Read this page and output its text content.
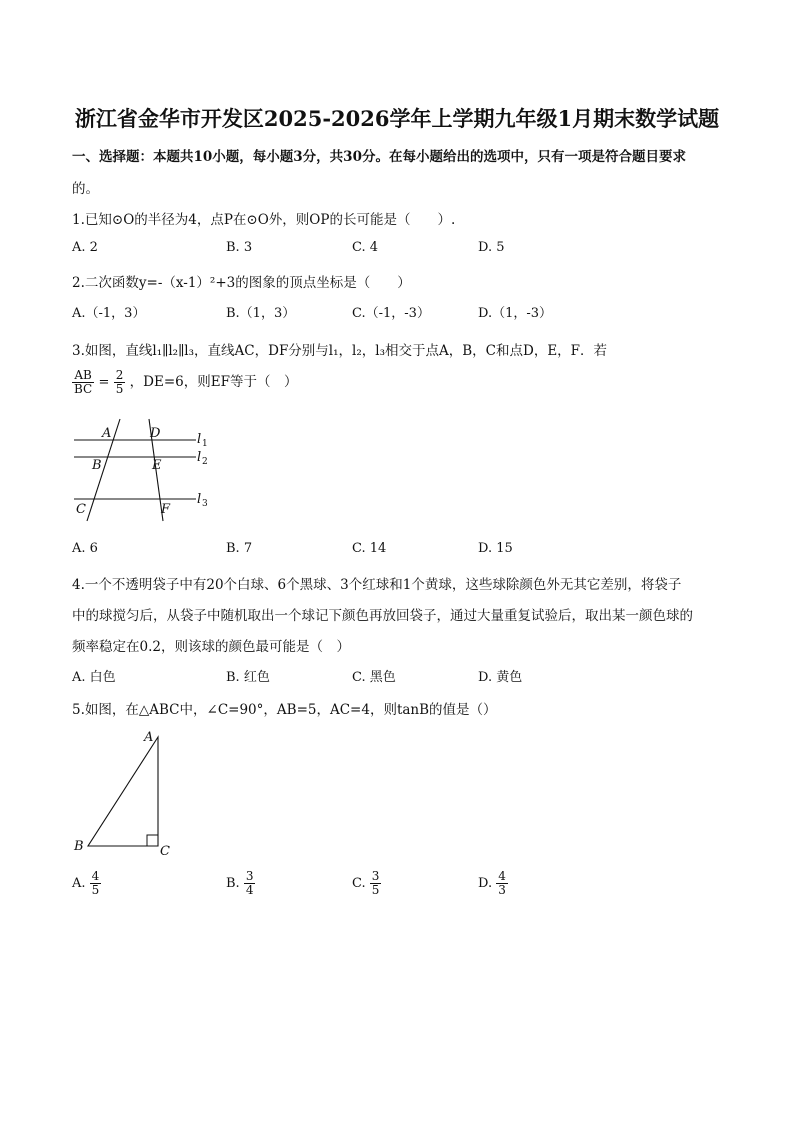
浙江省金华市开发区2025-2026学年上学期九年级1月期末数学试题
一、选择题：本题共10小题，每小题3分，共30分。在每小题给出的选项中，只有一项是符合题目要求
的。
1.已知⊙O的半径为4，点P在⊙O外，则OP的长可能是（　　）.
A. 2	B. 3	C. 4	D. 5
2.二次函数y=-（x-1）²+3的图象的顶点坐标是（　　）
A.（-1，3）	B.（1，3）	C.（-1，-3）	D.（1，-3）
3.如图，直线l₁∥l₂∥l₃，直线AC，DF分别与l₁，l₂，l₃相交于点A，B，C和点D，E，F．若
$\frac{AB}{BC} = \frac{2}{5}$ ，DE=6，则EF等于（　）
A	D
B	E
C	F
l 1
l 2
l 3
A. 6	B. 7	C. 14	D. 15
4.一个不透明袋子中有20个白球、6个黑球、3个红球和1个黄球，这些球除颜色外无其它差别，将袋子
中的球搅匀后，从袋子中随机取出一个球记下颜色再放回袋子，通过大量重复试验后，取出某一颜色球的
频率稳定在0.2，则该球的颜色最可能是（　）
A. 白色	B. 红色	C. 黑色	D. 黄色
5.如图，在△ABC中，∠C=90°，AB=5，AC=4，则tanB的值是（）
A
B	C
A. $\frac{4}{5}$	B. $\frac{3}{4}$	C. $\frac{3}{5}$	D. $\frac{4}{3}$
